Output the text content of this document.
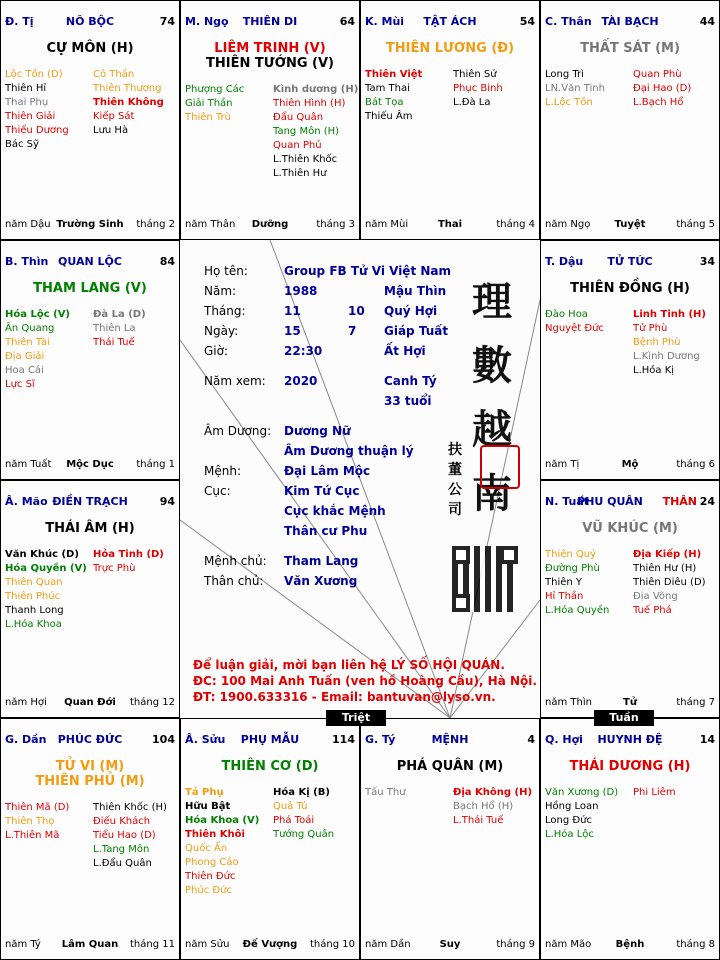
NÔ BỘC
Đ. Tị	74
CỰ MÔN (H)
Lộc Tồn (D)
Thiên Hỉ
Thai Phụ
Thiên Giải
Thiếu Dương
Bác Sỹ
Cô Thần
Thiên Thương
Thiên Không
Kiếp Sát
Lưu Hà
Trường Sinh
năm Dậu	tháng 2
THIÊN DI
M. Ngọ	64
LIÊM TRINH (V)
THIÊN TƯỚNG (V)
Phượng Các
Giải Thần
Thiên Trù
Kình dương (H)
Thiên Hình (H)
Đẩu Quân
Tang Môn (H)
Quan Phủ
L.Thiên Khốc
L.Thiên Hư
Dưỡng
năm Thân	tháng 3
TẬT ÁCH
K. Mùi	54
THIÊN LƯƠNG (Đ)
Thiên Việt
Tam Thai
Bát Tọa
Thiếu Âm
Thiên Sứ
Phục Binh
L.Đà La
Thai
năm Mùi	tháng 4
TÀI BẠCH
C. Thân	44
THẤT SÁT (M)
Long Trì
LN.Văn Tinh
L.Lộc Tồn
Quan Phù
Đại Hao (D)
L.Bạch Hổ
Tuyệt
năm Ngọ	tháng 5
QUAN LỘC
B. Thìn	84
THAM LANG (V)
Hóa Lộc (V)
Ân Quang
Thiên Tài
Địa Giải
Hoa Cái
Lực Sĩ
Đà La (D)
Thiên La
Thái Tuế
Mộc Dục
năm Tuất	tháng 1
TỬ TỨC
T. Dậu	34
THIÊN ĐỒNG (H)
Đào Hoa
Nguyệt Đức
Linh Tinh (H)
Tử Phù
Bệnh Phù
L.Kình Dương
L.Hóa Kị
Mộ
năm Tị	tháng 6
ĐIỀN TRẠCH
Â. Mão	94
THÁI ÂM (H)
Văn Khúc (D)
Hóa Quyền (V)
Thiên Quan
Thiên Phúc
Thanh Long
L.Hóa Khoa
Hỏa Tinh (D)
Trực Phù
Quan Đới
năm Hợi	tháng 12
PHU QUÂN
N. Tuất	24
VŨ KHÚC (M)
Thiên Quý
Đường Phù
Thiên Y
Hỉ Thần
L.Hóa Quyền
Địa Kiếp (H)
Thiên Hư (H)
Thiên Diêu (D)
Địa Võng
Tuế Phá
Tử
năm Thìn	tháng 7
THÂN
PHÚC ĐỨC
G. Dần	104
TỬ VI (M)
THIÊN PHỦ (M)
Thiên Mã (D)
Thiên Thọ
L.Thiên Mã
Thiên Khốc (H)
Điếu Khách
Tiểu Hao (D)
L.Tang Môn
L.Đẩu Quân
Lâm Quan
năm Tý	tháng 11
PHỤ MẪU
Â. Sửu	114
THIÊN CƠ (D)
Tả Phụ
Hữu Bật
Hóa Khoa (V)
Thiên Khôi
Quốc Ấn
Phong Cáo
Thiên Đức
Phúc Đức
Hóa Kị (B)
Quả Tú
Phá Toái
Tướng Quân
Đế Vượng
năm Sửu	tháng 10
MỆNH
G. Tý	4
PHÁ QUÂN (M)
Tấu Thư	Địa Không (H)
Bạch Hổ (H)
L.Thái Tuế
Suy
năm Dần	tháng 9
HUYNH ĐỆ
Q. Hợi	14
THÁI DƯƠNG (H)
Văn Xương (D)
Hồng Loan
Long Đức
L.Hóa Lộc
Phi Liêm
Bệnh
năm Mão	tháng 8
Họ tên:	Group FB Tử Vi Việt Nam
Năm:	1988	Mậu Thìn
Tháng:	11	10 Quý Hợi
Ngày:	15	7 Giáp Tuất
Giờ:	22:30	Ất Hợi
Năm xem: 2020	Canh Tý
33 tuổi
Âm Dương: Dương Nữ
Âm Dương thuận lý
Mệnh:	Đại Lâm Mộc
Cục:	Kim Tứ Cục
Cục khắc Mệnh
Thân cư Phu
Mệnh chủ: Tham Lang
Thân chủ: Văn Xương
理
數
越
南
扶
董
公
司
Để luận giải, mời bạn liên hệ LÝ SỐ HỘI QUÁN.
ĐC: 100 Mai Anh Tuấn (ven hồ Hoàng Cầu), Hà Nội.
ĐT: 1900.633316 - Email: bantuvan@lyso.vn.
Triệt	Tuần
